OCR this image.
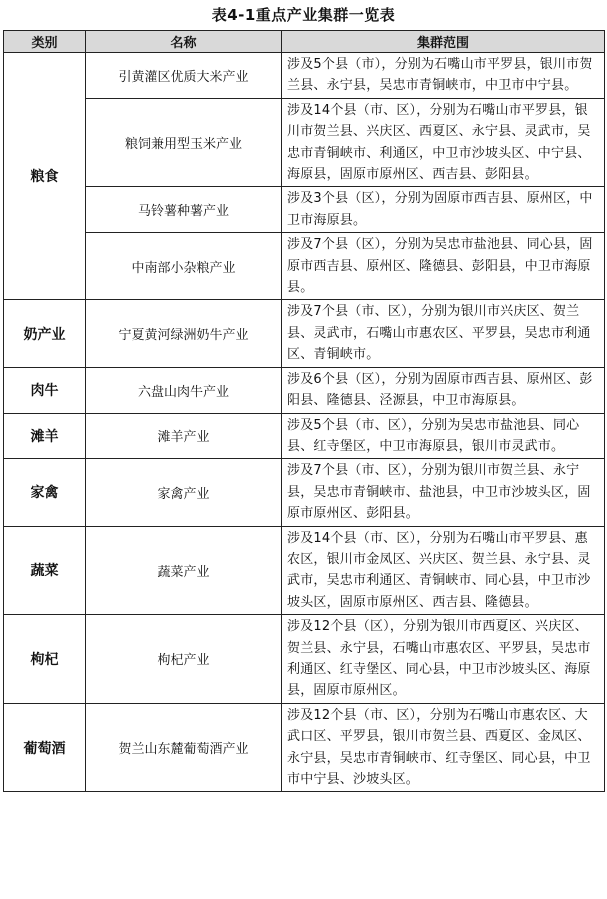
表4-1重点产业集群一览表
类别	名称	集群范围
粮食	引黄灌区优质大米产业	涉及5个县（市），分别为石嘴山市平罗县，银川市贺兰县、永宁县，吴忠市青铜峡市，中卫市中宁县。
	粮饲兼用型玉米产业	涉及14个县（市、区），分别为石嘴山市平罗县，银川市贺兰县、兴庆区、西夏区、永宁县、灵武市，吴忠市青铜峡市、利通区，中卫市沙坡头区、中宁县、海原县，固原市原州区、西吉县、彭阳县。
	马铃薯种薯产业	涉及3个县（区），分别为固原市西吉县、原州区，中卫市海原县。
	中南部小杂粮产业	涉及7个县（区），分别为吴忠市盐池县、同心县，固原市西吉县、原州区、隆德县、彭阳县，中卫市海原县。
奶产业	宁夏黄河绿洲奶牛产业	涉及7个县（市、区），分别为银川市兴庆区、贺兰县、灵武市，石嘴山市惠农区、平罗县，吴忠市利通区、青铜峡市。
肉牛	六盘山肉牛产业	涉及6个县（区），分别为固原市西吉县、原州区、彭阳县、隆德县、泾源县，中卫市海原县。
滩羊	滩羊产业	涉及5个县（市、区），分别为吴忠市盐池县、同心县、红寺堡区，中卫市海原县，银川市灵武市。
家禽	家禽产业	涉及7个县（市、区），分别为银川市贺兰县、永宁县，吴忠市青铜峡市、盐池县，中卫市沙坡头区，固原市原州区、彭阳县。
蔬菜	蔬菜产业	涉及14个县（市、区），分别为石嘴山市平罗县、惠农区，银川市金凤区、兴庆区、贺兰县、永宁县、灵武市，吴忠市利通区、青铜峡市、同心县，中卫市沙坡头区，固原市原州区、西吉县、隆德县。
枸杞	枸杞产业	涉及12个县（区），分别为银川市西夏区、兴庆区、贺兰县、永宁县，石嘴山市惠农区、平罗县，吴忠市利通区、红寺堡区、同心县，中卫市沙坡头区、海原县，固原市原州区。
葡萄酒	贺兰山东麓葡萄酒产业	涉及12个县（市、区），分别为石嘴山市惠农区、大武口区、平罗县，银川市贺兰县、西夏区、金凤区、永宁县，吴忠市青铜峡市、红寺堡区、同心县，中卫市中宁县、沙坡头区。
